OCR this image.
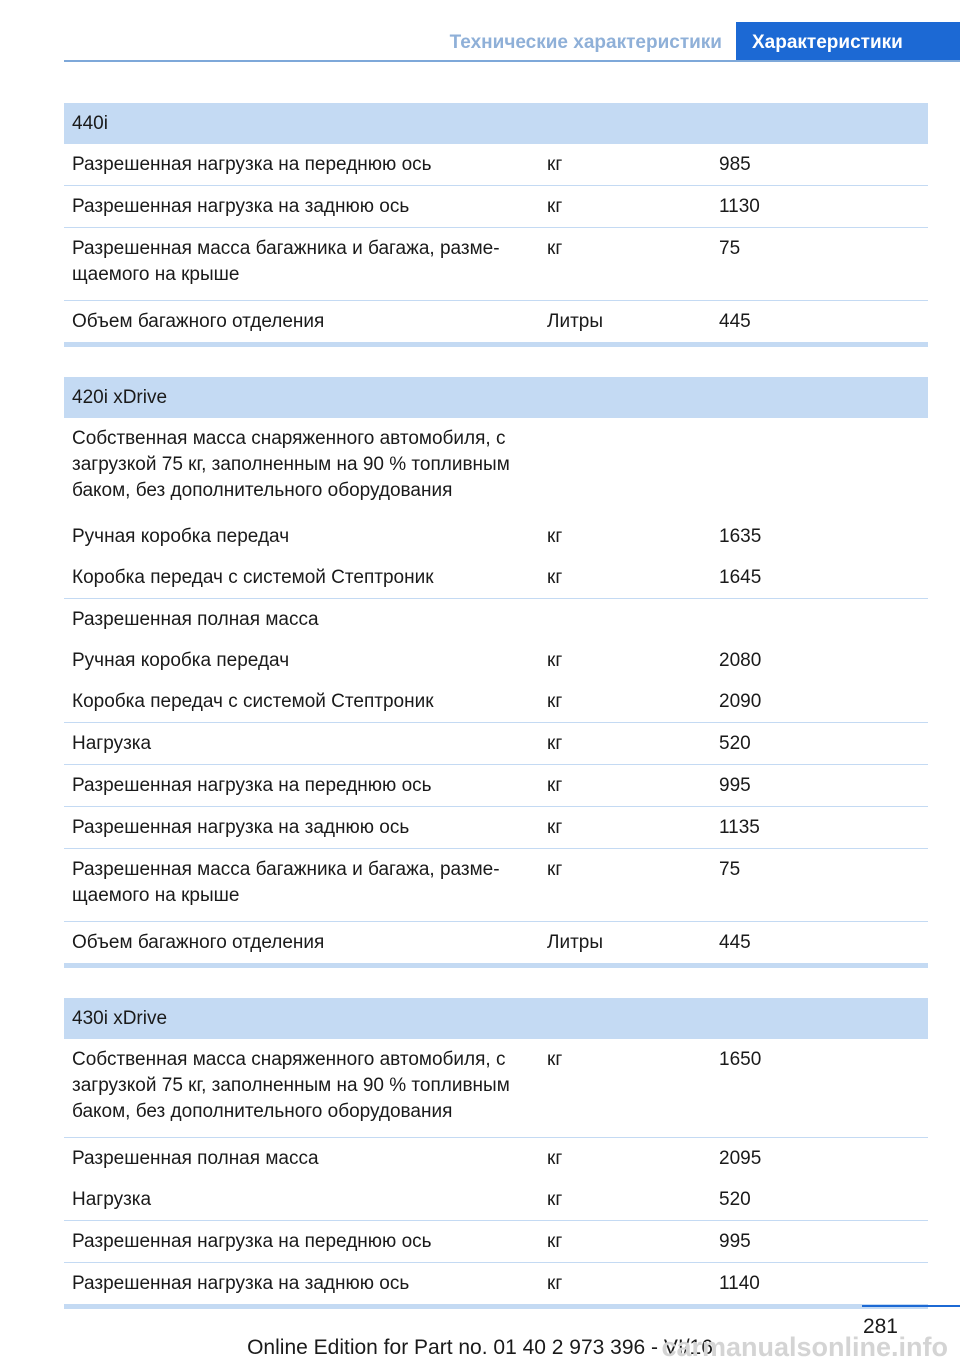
Технические характеристики	Характеристики
440i
Разрешенная нагрузка на переднюю ось	кг	985
Разрешенная нагрузка на заднюю ось	кг	1130
Разрешенная масса багажника и багажа, разме-
щаемого на крыше
кг	75
Объем багажного отделения	Литры	445
420i xDrive
Собственная масса снаряженного автомобиля, с загрузкой 75 кг, заполненным на 90 % топливным баком, без дополнительного оборудования
Ручная коробка передач	кг	1635
Коробка передач с системой Стептроник	кг	1645
Разрешенная полная масса
Ручная коробка передач	кг	2080
Коробка передач с системой Стептроник	кг	2090
Нагрузка	кг	520
Разрешенная нагрузка на переднюю ось	кг	995
Разрешенная нагрузка на заднюю ось	кг	1135
Разрешенная масса багажника и багажа, разме-
щаемого на крыше
кг	75
Объем багажного отделения	Литры	445
430i xDrive
Собственная масса снаряженного автомобиля, с загрузкой 75 кг, заполненным на 90 % топливным баком, без дополнительного оборудования
кг	1650
Разрешенная полная масса	кг	2095
Нагрузка	кг	520
Разрешенная нагрузка на переднюю ось	кг	995
Разрешенная нагрузка на заднюю ось	кг	1140
281
Online Edition for Part no. 01 40 2 973 396 - VI/16
carmanualsonline.info
